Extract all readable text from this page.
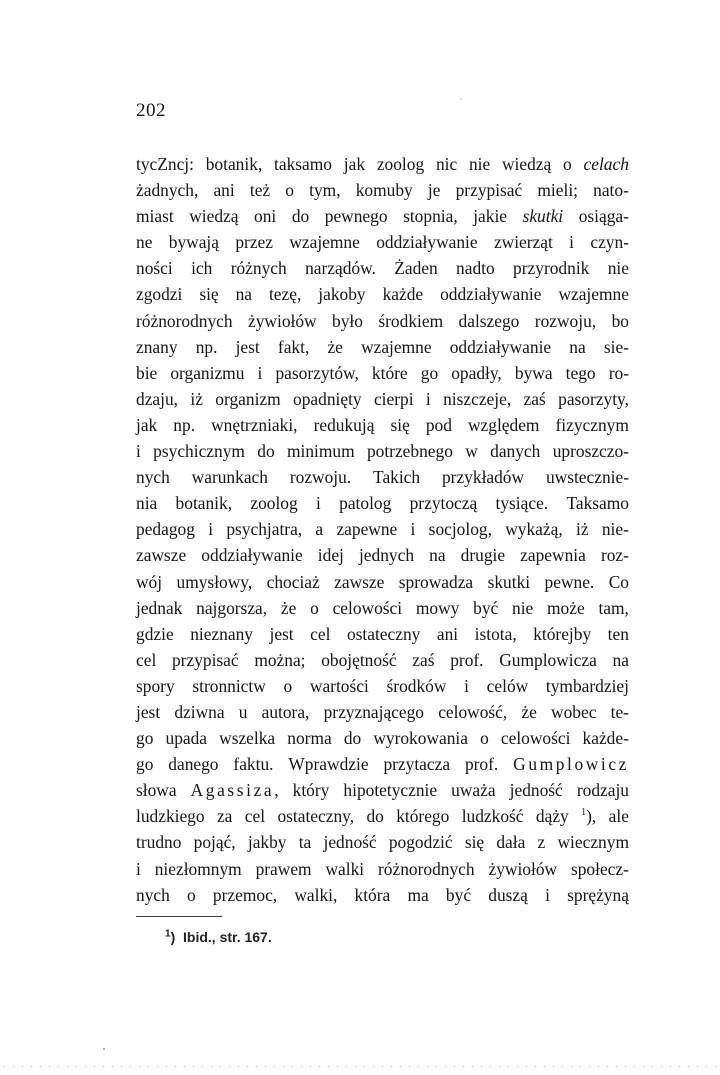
202
tycZncj: botanik, taksamo jak zoolog nic nie wiedzą o celach
żadnych, ani też o tym, komuby je przypisać mieli; nato-
miast wiedzą oni do pewnego stopnia, jakie skutki osiąga-
ne bywają przez wzajemne oddziaływanie zwierząt i czyn-
ności ich różnych narządów. Żaden nadto przyrodnik nie
zgodzi się na tezę, jakoby każde oddziaływanie wzajemne
różnorodnych żywiołów było środkiem dalszego rozwoju, bo
znany np. jest fakt, że wzajemne oddziaływanie na sie-
bie organizmu i pasorzytów, które go opadły, bywa tego ro-
dzaju, iż organizm opadnięty cierpi i niszczeje, zaś pasorzyty,
jak np. wnętrzniaki, redukują się pod względem fizycznym
i psychicznym do minimum potrzebnego w danych uproszczo-
nych warunkach rozwoju. Takich przykładów uwstecznie-
nia botanik, zoolog i patolog przytoczą tysiące. Taksamo
pedagog i psychjatra, a zapewne i socjolog, wykażą, iż nie-
zawsze oddziaływanie idej jednych na drugie zapewnia roz-
wój umysłowy, chociaż zawsze sprowadza skutki pewne. Co
jednak najgorsza, że o celowości mowy być nie może tam,
gdzie nieznany jest cel ostateczny ani istota, którejby ten
cel przypisać można; obojętność zaś prof. Gumplowicza na
spory stronnictw o wartości środków i celów tymbardziej
jest dziwna u autora, przyznającego celowość, że wobec te-
go upada wszelka norma do wyrokowania o celowości każde-
go danego faktu. Wprawdzie przytacza prof. Gumplowicz
słowa Agassiza, który hipotetycznie uważa jedność rodzaju
ludzkiego za cel ostateczny, do którego ludzkość dąży $^1$), ale
trudno pojąć, jakby ta jedność pogodzić się dała z wiecznym
i niezłomnym prawem walki różnorodnych żywiołów społecz-
nych o przemoc, walki, która ma być duszą i sprężyną
$^1$) Ibid., str. 167.
